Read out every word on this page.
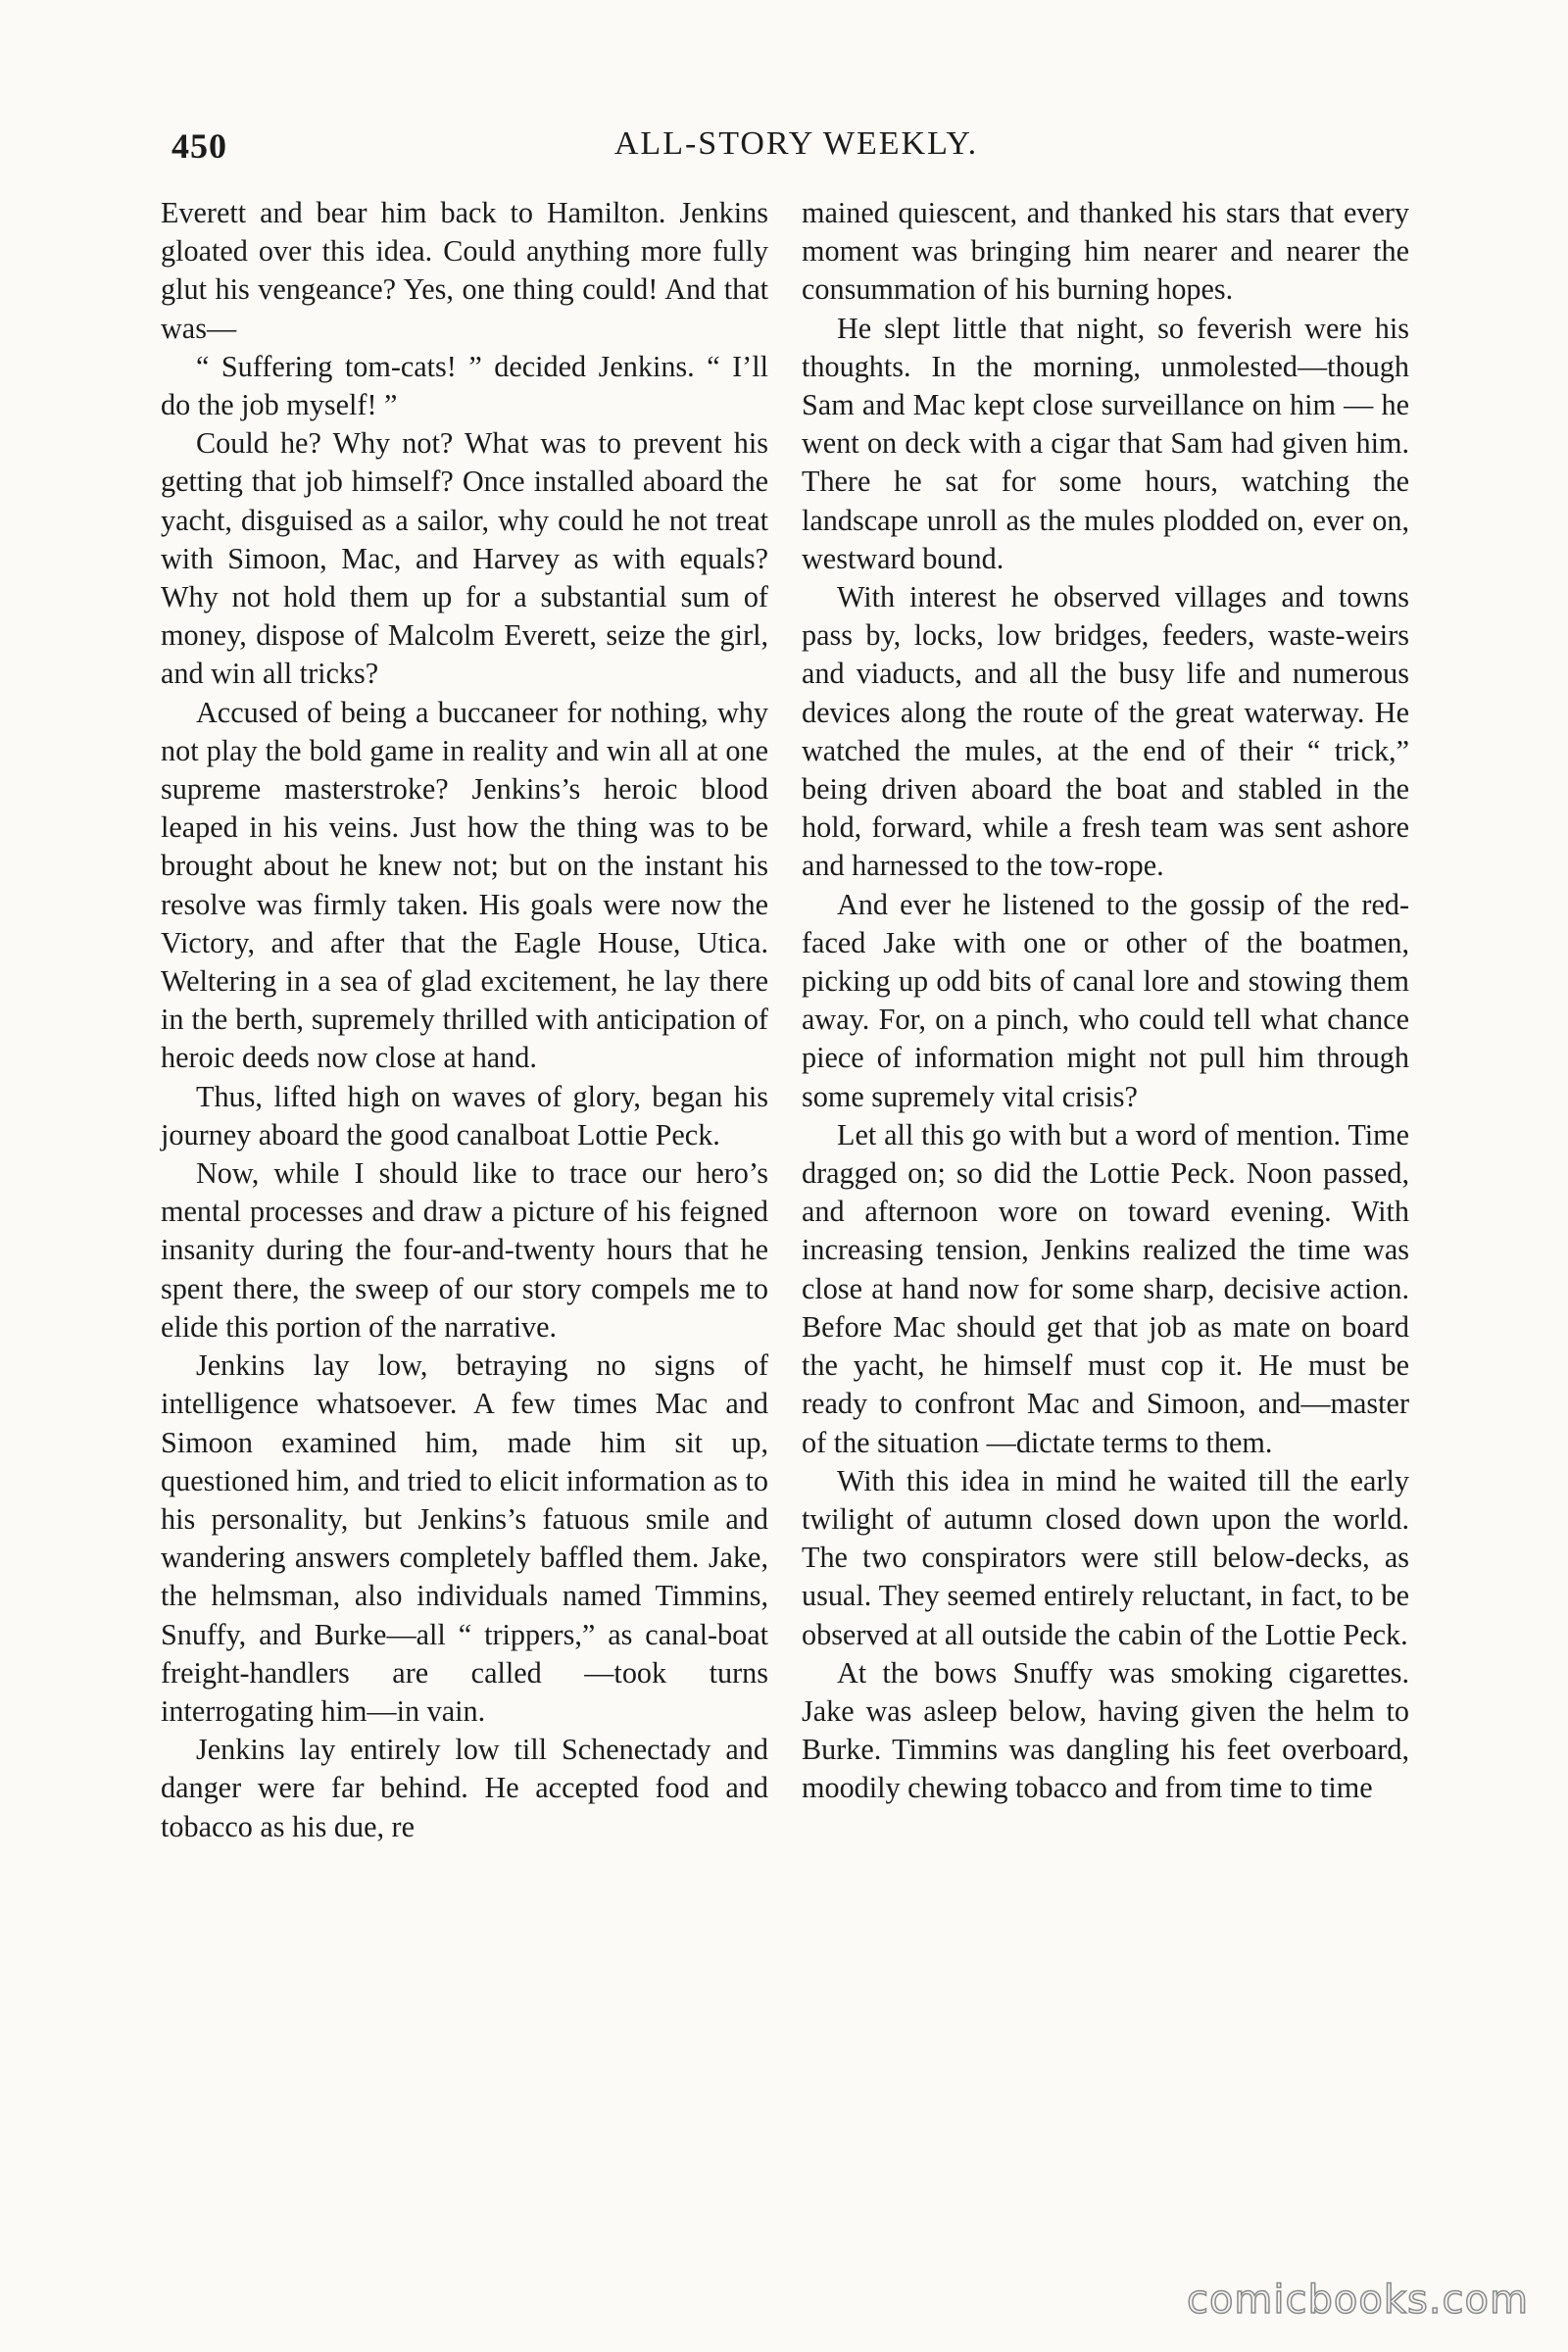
450	ALL-STORY WEEKLY.

Everett and bear him back to Hamilton. Jenkins gloated over this idea. Could anything more fully glut his vengeance? Yes, one thing could! And that was—

“ Suffering tom-cats! ” decided Jenkins. “ I’ll do the job myself! ”

Could he? Why not? What was to prevent his getting that job himself? Once installed aboard the yacht, disguised as a sailor, why could he not treat with Simoon, Mac, and Harvey as with equals? Why not hold them up for a substantial sum of money, dispose of Malcolm Everett, seize the girl, and win all tricks?

Accused of being a buccaneer for nothing, why not play the bold game in reality and win all at one supreme masterstroke? Jenkins’s heroic blood leaped in his veins. Just how the thing was to be brought about he knew not; but on the instant his resolve was firmly taken. His goals were now the Victory, and after that the Eagle House, Utica. Weltering in a sea of glad excitement, he lay there in the berth, supremely thrilled with anticipation of heroic deeds now close at hand.

Thus, lifted high on waves of glory, began his journey aboard the good canalboat Lottie Peck.

Now, while I should like to trace our hero’s mental processes and draw a picture of his feigned insanity during the four-and-twenty hours that he spent there, the sweep of our story compels me to elide this portion of the narrative.

Jenkins lay low, betraying no signs of intelligence whatsoever. A few times Mac and Simoon examined him, made him sit up, questioned him, and tried to elicit information as to his personality, but Jenkins’s fatuous smile and wandering answers completely baffled them. Jake, the helmsman, also individuals named Timmins, Snuffy, and Burke—all “ trippers,” as canal-boat freight-handlers are called —took turns interrogating him—in vain.

Jenkins lay entirely low till Schenectady and danger were far behind. He accepted food and tobacco as his due, re

mained quiescent, and thanked his stars that every moment was bringing him nearer and nearer the consummation of his burning hopes.

He slept little that night, so feverish were his thoughts. In the morning, unmolested—though Sam and Mac kept close surveillance on him — he went on deck with a cigar that Sam had given him. There he sat for some hours, watching the landscape unroll as the mules plodded on, ever on, westward bound.

With interest he observed villages and towns pass by, locks, low bridges, feeders, waste-weirs and viaducts, and all the busy life and numerous devices along the route of the great waterway. He watched the mules, at the end of their “ trick,” being driven aboard the boat and stabled in the hold, forward, while a fresh team was sent ashore and harnessed to the tow-rope.

And ever he listened to the gossip of the red-faced Jake with one or other of the boatmen, picking up odd bits of canal lore and stowing them away. For, on a pinch, who could tell what chance piece of information might not pull him through some supremely vital crisis?

Let all this go with but a word of mention. Time dragged on; so did the Lottie Peck. Noon passed, and afternoon wore on toward evening. With increasing tension, Jenkins realized the time was close at hand now for some sharp, decisive action. Before Mac should get that job as mate on board the yacht, he himself must cop it. He must be ready to confront Mac and Simoon, and—master of the situation —dictate terms to them.

With this idea in mind he waited till the early twilight of autumn closed down upon the world. The two conspirators were still below-decks, as usual. They seemed entirely reluctant, in fact, to be observed at all outside the cabin of the Lottie Peck.

At the bows Snuffy was smoking cigarettes. Jake was asleep below, having given the helm to Burke. Timmins was dangling his feet overboard, moodily chewing tobacco and from time to time

comicbooks.com
